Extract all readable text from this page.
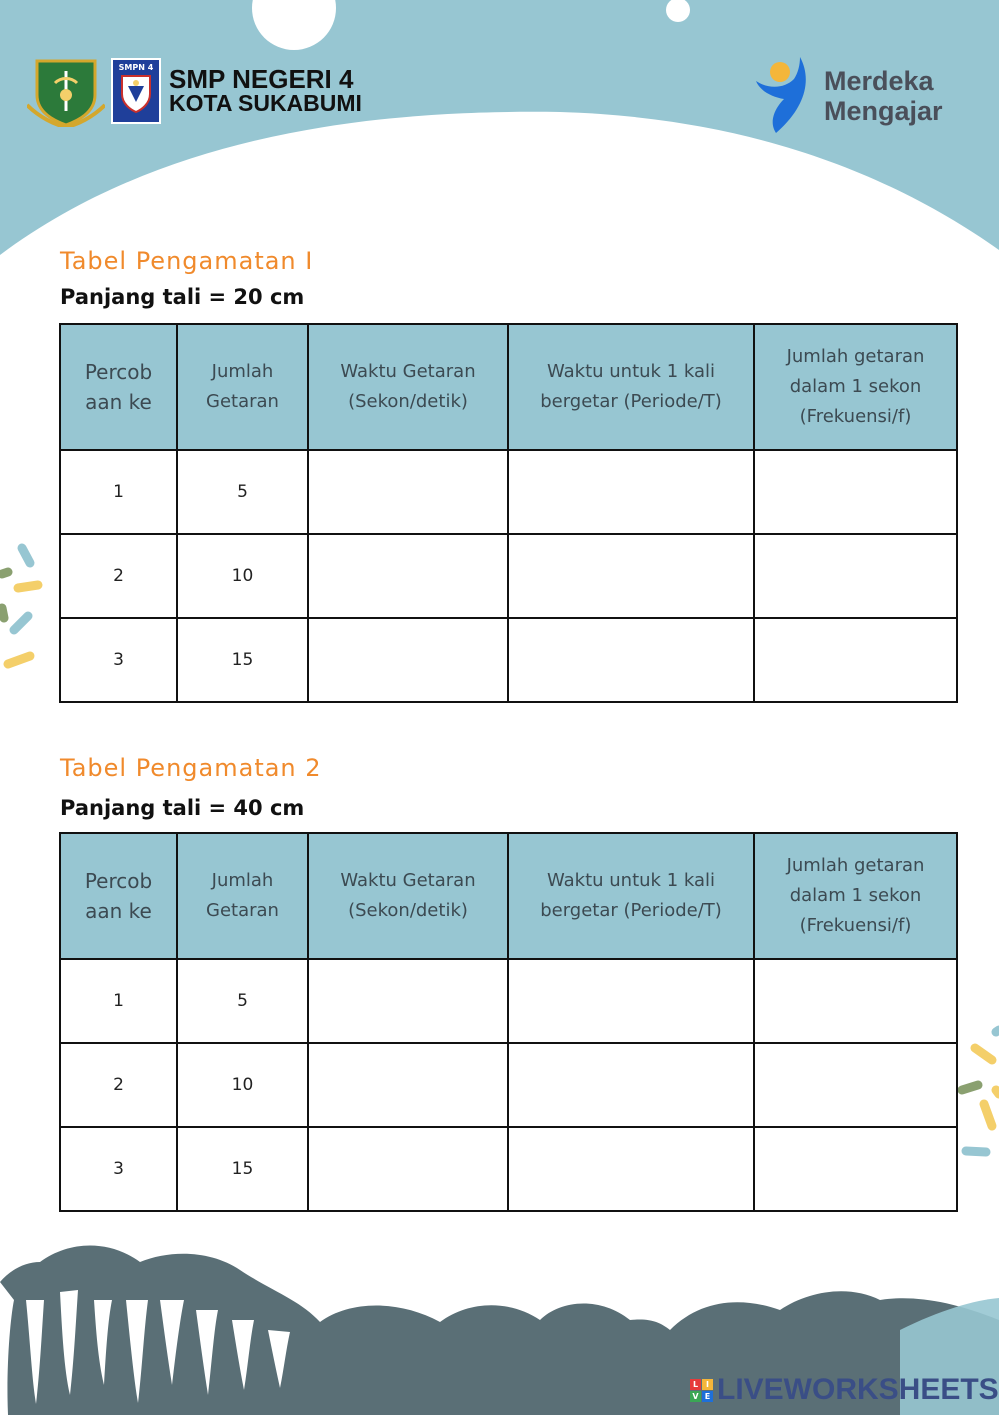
SMPN 4 SMP NEGERI 4
KOTA SUKABUMI
Merdeka
Mengajar
Tabel Pengamatan I
Panjang tali = 20 cm
Percob aan ke	Jumlah Getaran	Waktu Getaran (Sekon/detik)	Waktu untuk 1 kali bergetar (Periode/T)	Jumlah getaran dalam 1 sekon (Frekuensi/f)
1	5			
2	10			
3	15			
Tabel Pengamatan 2
Panjang tali = 40 cm
Percob aan ke	Jumlah Getaran	Waktu Getaran (Sekon/detik)	Waktu untuk 1 kali bergetar (Periode/T)	Jumlah getaran dalam 1 sekon (Frekuensi/f)
1	5			
2	10			
3	15			
L I
V E LIVEWORKSHEETS
